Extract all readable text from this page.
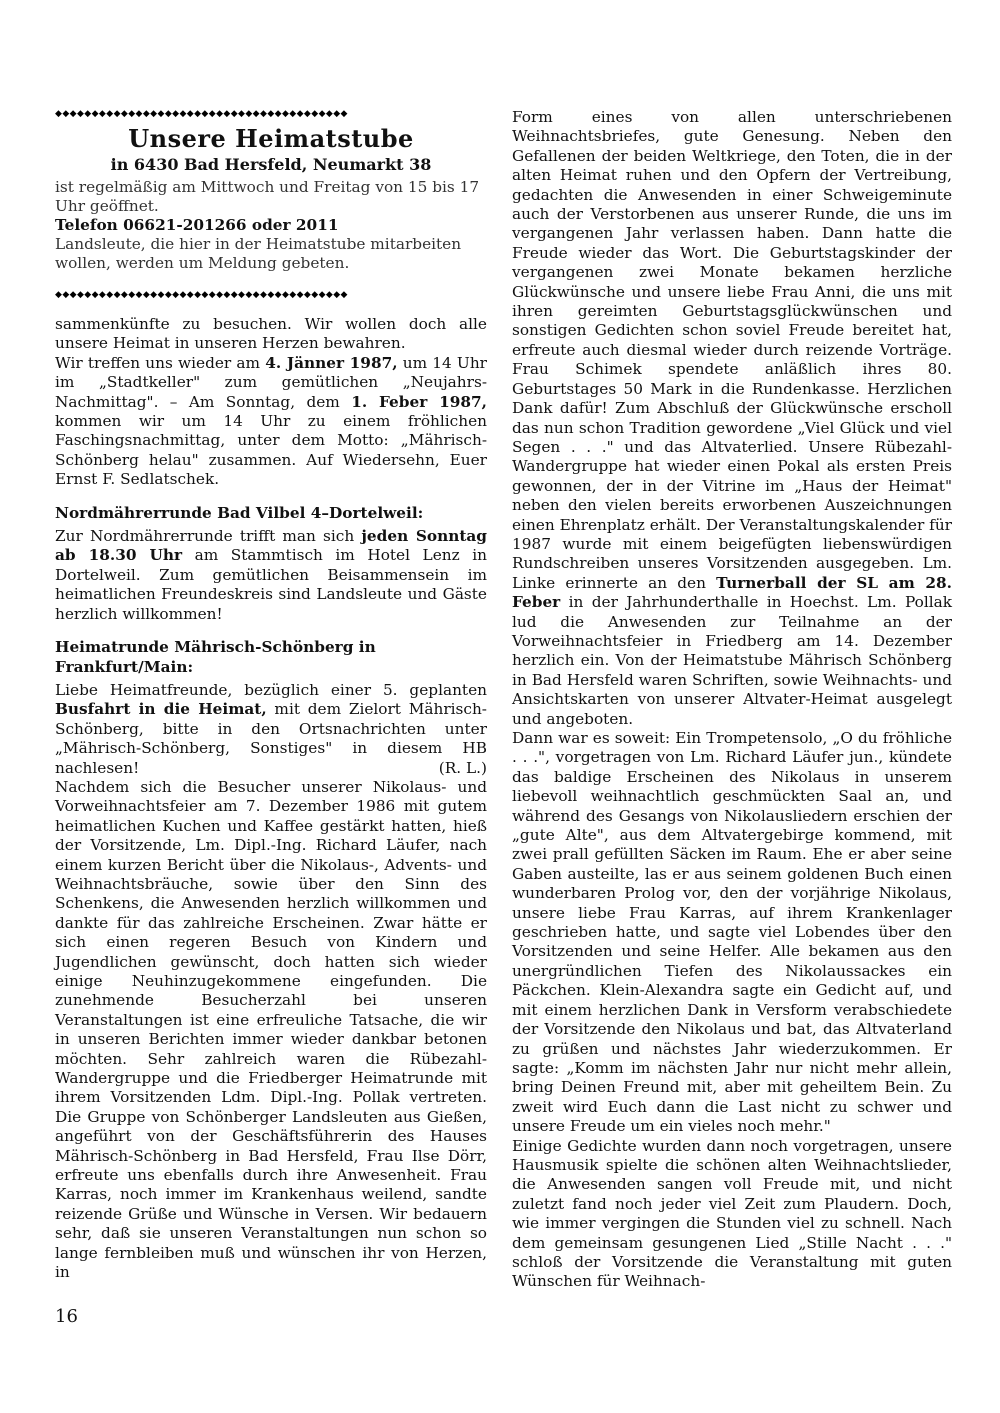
◆◆◆◆◆◆◆◆◆◆◆◆◆◆◆◆◆◆◆◆◆◆◆◆◆◆◆◆◆◆◆◆◆◆◆◆◆◆◆◆
Unsere Heimatstube
in 6430 Bad Hersfeld, Neumarkt 38
ist regelmäßig am Mittwoch und Freitag von 15 bis 17 Uhr geöffnet.
Telefon 06621-201266 oder 2011
Landsleute, die hier in der Heimatstube mitarbeiten wollen, werden um Meldung gebeten.
◆◆◆◆◆◆◆◆◆◆◆◆◆◆◆◆◆◆◆◆◆◆◆◆◆◆◆◆◆◆◆◆◆◆◆◆◆◆◆◆

sammenkünfte zu besuchen. Wir wollen doch alle unsere Heimat in unseren Herzen bewahren.

Wir treffen uns wieder am 4. Jänner 1987, um 14 Uhr im „Stadtkeller" zum gemütlichen „Neujahrs-Nachmittag". – Am Sonntag, dem 1. Feber 1987, kommen wir um 14 Uhr zu einem fröhlichen Faschingsnachmittag, unter dem Motto: „Mährisch-Schönberg helau" zusammen. Auf Wiedersehn, Euer Ernst F. Sedlatschek.

Nordmährerrunde Bad Vilbel 4–Dortelweil:

Zur Nordmährerrunde trifft man sich jeden Sonntag ab 18.30 Uhr am Stammtisch im Hotel Lenz in Dortelweil. Zum gemütlichen Beisammensein im heimatlichen Freundeskreis sind Landsleute und Gäste herzlich willkommen!

Heimatrunde Mährisch-Schönberg in Frankfurt/Main:

Liebe Heimatfreunde, bezüglich einer 5. geplanten Busfahrt in die Heimat, mit dem Zielort Mährisch-Schönberg, bitte in den Ortsnachrichten unter „Mährisch-Schönberg, Sonstiges" in diesem HB nachlesen!	(R. L.)

Nachdem sich die Besucher unserer Nikolaus- und Vorweihnachtsfeier am 7. Dezember 1986 mit gutem heimatlichen Kuchen und Kaffee gestärkt hatten, hieß der Vorsitzende, Lm. Dipl.-Ing. Richard Läufer, nach einem kurzen Bericht über die Nikolaus-, Advents- und Weihnachtsbräuche, sowie über den Sinn des Schenkens, die Anwesenden herzlich willkommen und dankte für das zahlreiche Erscheinen. Zwar hätte er sich einen regeren Besuch von Kindern und Jugendlichen gewünscht, doch hatten sich wieder einige Neuhinzugekommene eingefunden. Die zunehmende Besucherzahl bei unseren Veranstaltungen ist eine erfreuliche Tatsache, die wir in unseren Berichten immer wieder dankbar betonen möchten. Sehr zahlreich waren die Rübezahl-Wandergruppe und die Friedberger Heimatrunde mit ihrem Vorsitzenden Ldm. Dipl.-Ing. Pollak vertreten. Die Gruppe von Schönberger Landsleuten aus Gießen, angeführt von der Geschäftsführerin des Hauses Mährisch-Schönberg in Bad Hersfeld, Frau Ilse Dörr, erfreute uns ebenfalls durch ihre Anwesenheit. Frau Karras, noch immer im Krankenhaus weilend, sandte reizende Grüße und Wünsche in Versen. Wir bedauern sehr, daß sie unseren Veranstaltungen nun schon so lange fernbleiben muß und wünschen ihr von Herzen, in

Form eines von allen unterschriebenen Weihnachtsbriefes, gute Genesung. Neben den Gefallenen der beiden Weltkriege, den Toten, die in der alten Heimat ruhen und den Opfern der Vertreibung, gedachten die Anwesenden in einer Schweigeminute auch der Verstorbenen aus unserer Runde, die uns im vergangenen Jahr verlassen haben. Dann hatte die Freude wieder das Wort. Die Geburtstagskinder der vergangenen zwei Monate bekamen herzliche Glückwünsche und unsere liebe Frau Anni, die uns mit ihren gereimten Geburtstagsglückwünschen und sonstigen Gedichten schon soviel Freude bereitet hat, erfreute auch diesmal wieder durch reizende Vorträge. Frau Schimek spendete anläßlich ihres 80. Geburtstages 50 Mark in die Rundenkasse. Herzlichen Dank dafür! Zum Abschluß der Glückwünsche erscholl das nun schon Tradition gewordene „Viel Glück und viel Segen . . ." und das Altvaterlied. Unsere Rübezahl-Wandergruppe hat wieder einen Pokal als ersten Preis gewonnen, der in der Vitrine im „Haus der Heimat" neben den vielen bereits erworbenen Auszeichnungen einen Ehrenplatz erhält. Der Veranstaltungskalender für 1987 wurde mit einem beigefügten liebenswürdigen Rundschreiben unseres Vorsitzenden ausgegeben. Lm. Linke erinnerte an den Turnerball der SL am 28. Feber in der Jahrhunderthalle in Hoechst. Lm. Pollak lud die Anwesenden zur Teilnahme an der Vorweihnachtsfeier in Friedberg am 14. Dezember herzlich ein. Von der Heimatstube Mährisch Schönberg in Bad Hersfeld waren Schriften, sowie Weihnachts- und Ansichtskarten von unserer Altvater-Heimat ausgelegt und angeboten.

Dann war es soweit: Ein Trompetensolo, „O du fröhliche . . .", vorgetragen von Lm. Richard Läufer jun., kündete das baldige Erscheinen des Nikolaus in unserem liebevoll weihnachtlich geschmückten Saal an, und während des Gesangs von Nikolausliedern erschien der „gute Alte", aus dem Altvatergebirge kommend, mit zwei prall gefüllten Säcken im Raum. Ehe er aber seine Gaben austeilte, las er aus seinem goldenen Buch einen wunderbaren Prolog vor, den der vorjährige Nikolaus, unsere liebe Frau Karras, auf ihrem Krankenlager geschrieben hatte, und sagte viel Lobendes über den Vorsitzenden und seine Helfer. Alle bekamen aus den unergründlichen Tiefen des Nikolaussackes ein Päckchen. Klein-Alexandra sagte ein Gedicht auf, und mit einem herzlichen Dank in Versform verabschiedete der Vorsitzende den Nikolaus und bat, das Altvaterland zu grüßen und nächstes Jahr wiederzukommen. Er sagte: „Komm im nächsten Jahr nur nicht mehr allein, bring Deinen Freund mit, aber mit geheiltem Bein. Zu zweit wird Euch dann die Last nicht zu schwer und unsere Freude um ein vieles noch mehr."

Einige Gedichte wurden dann noch vorgetragen, unsere Hausmusik spielte die schönen alten Weihnachtslieder, die Anwesenden sangen voll Freude mit, und nicht zuletzt fand noch jeder viel Zeit zum Plaudern. Doch, wie immer vergingen die Stunden viel zu schnell. Nach dem gemeinsam gesungenen Lied „Stille Nacht . . ." schloß der Vorsitzende die Veranstaltung mit guten Wünschen für Weihnach-

16
